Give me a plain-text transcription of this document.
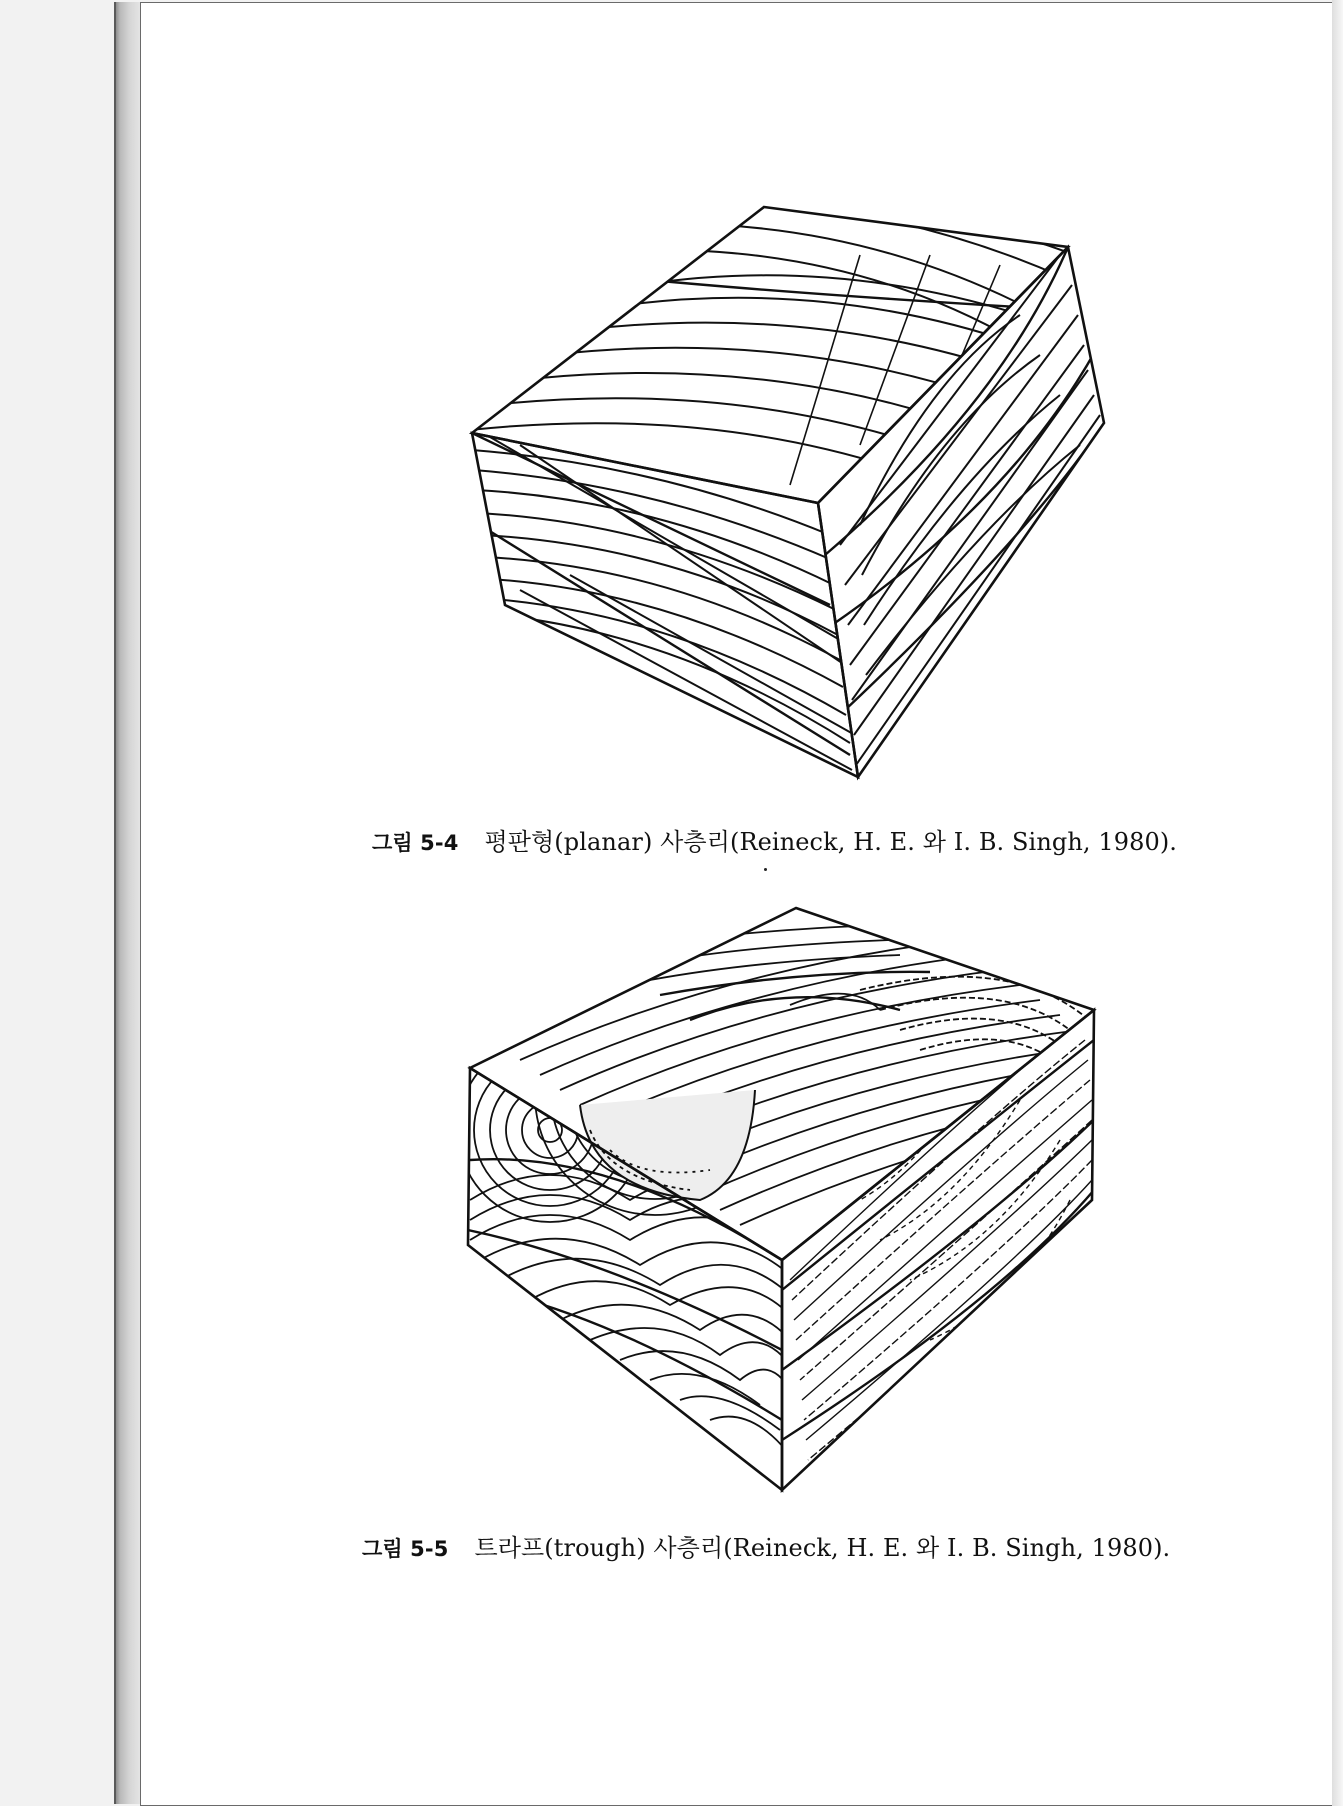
그림 5-4 평판형(planar) 사층리(Reineck, H. E. 와 I. B. Singh, 1980).
그림 5-5 트라프(trough) 사층리(Reineck, H. E. 와 I. B. Singh, 1980).
